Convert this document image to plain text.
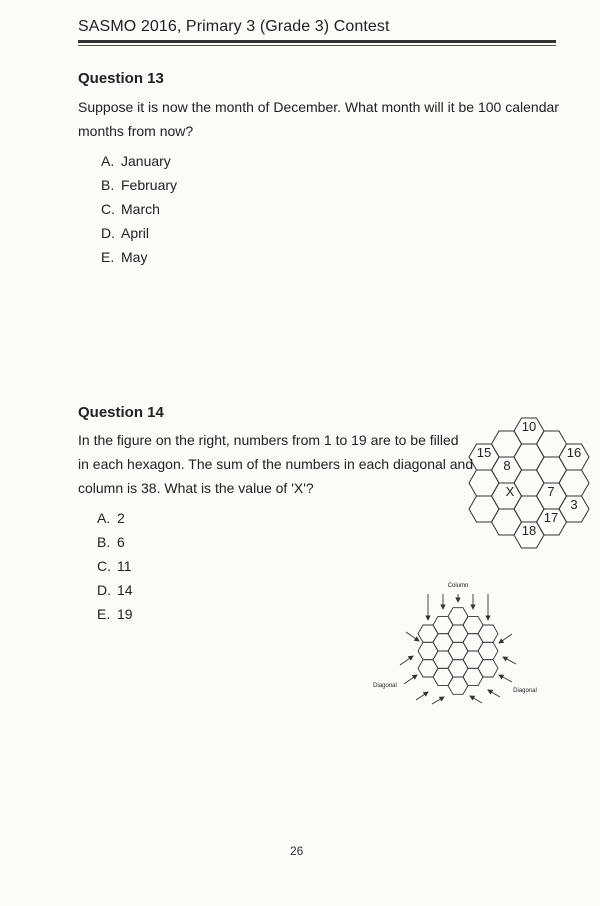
SASMO 2016, Primary 3 (Grade 3) Contest
Question 13
Suppose it is now the month of December. What month will it be 100 calendar
months from now?
A. January
B. February
C. March
D. April
E. May
Question 14
In the figure on the right, numbers from 1 to 19 are to be filled
in each hexagon. The sum of the numbers in each diagonal and
column is 38. What is the value of 'X'?
A. 2
B. 6
C. 11
D. 14
E. 19
10
15	16
8
X	7
3
17
18
Column
Diagonal
Diagonal
26
